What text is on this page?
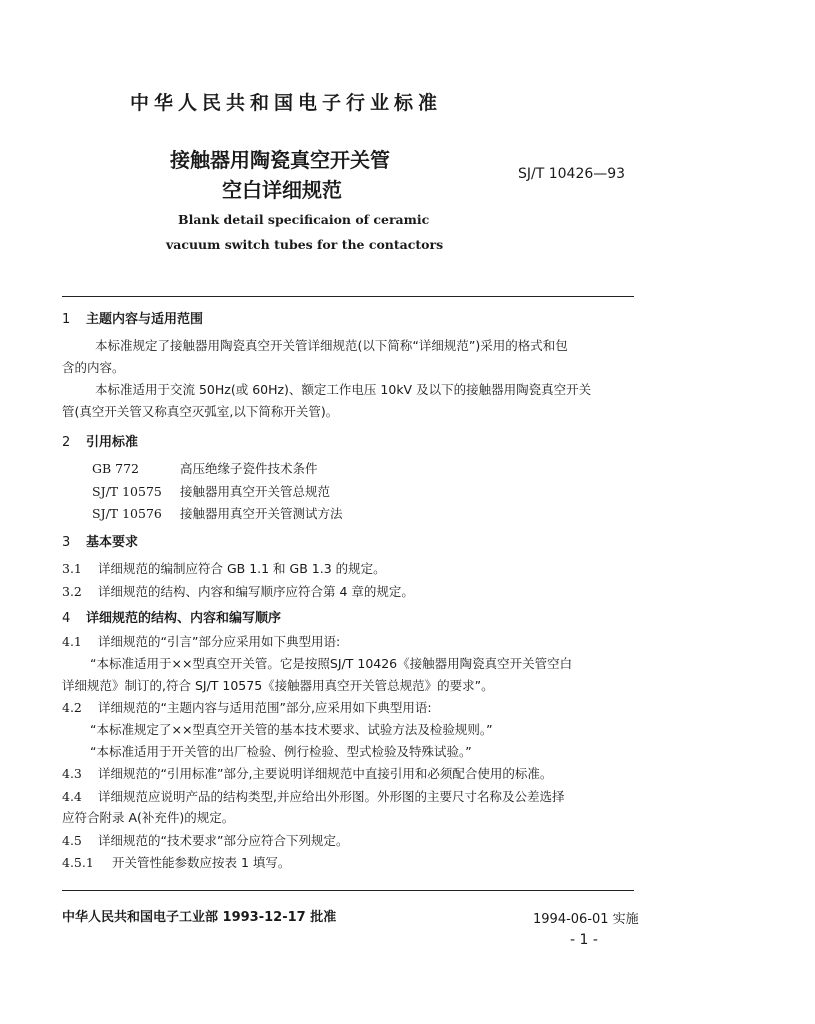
中华人民共和国电子行业标准
接触器用陶瓷真空开关管
空白详细规范
SJ/T 10426—93
Blank detail specificaion of ceramic
vacuum switch tubes for the contactors
1 主题内容与适用范围
本标准规定了接触器用陶瓷真空开关管详细规范(以下简称“详细规范”)采用的格式和包
含的内容。
本标准适用于交流 50Hz(或 60Hz)、额定工作电压 10kV 及以下的接触器用陶瓷真空开关
管(真空开关管又称真空灭弧室,以下简称开关管)。
2 引用标准
GB 772	高压绝缘子瓷件技术条件
SJ/T 10575 接触器用真空开关管总规范
SJ/T 10576 接触器用真空开关管测试方法
3 基本要求
3.1 详细规范的编制应符合 GB 1.1 和 GB 1.3 的规定。
3.2 详细规范的结构、内容和编写顺序应符合第 4 章的规定。
4 详细规范的结构、内容和编写顺序
4.1 详细规范的“引言”部分应采用如下典型用语:
“本标准适用于××型真空开关管。它是按照SJ/T 10426《接触器用陶瓷真空开关管空白
详细规范》制订的,符合 SJ/T 10575《接触器用真空开关管总规范》的要求”。
4.2 详细规范的“主题内容与适用范围”部分,应采用如下典型用语:
“本标准规定了××型真空开关管的基本技术要求、试验方法及检验规则。”
“本标准适用于开关管的出厂检验、例行检验、型式检验及特殊试验。”
4.3 详细规范的“引用标准”部分,主要说明详细规范中直接引用和必须配合使用的标准。
4.4 详细规范应说明产品的结构类型,并应给出外形图。外形图的主要尺寸名称及公差选择
应符合附录 A(补充件)的规定。
4.5 详细规范的“技术要求”部分应符合下列规定。
4.5.1 开关管性能参数应按表 1 填写。
中华人民共和国电子工业部 1993-12-17 批准	1994-06-01 实施
- 1 -
